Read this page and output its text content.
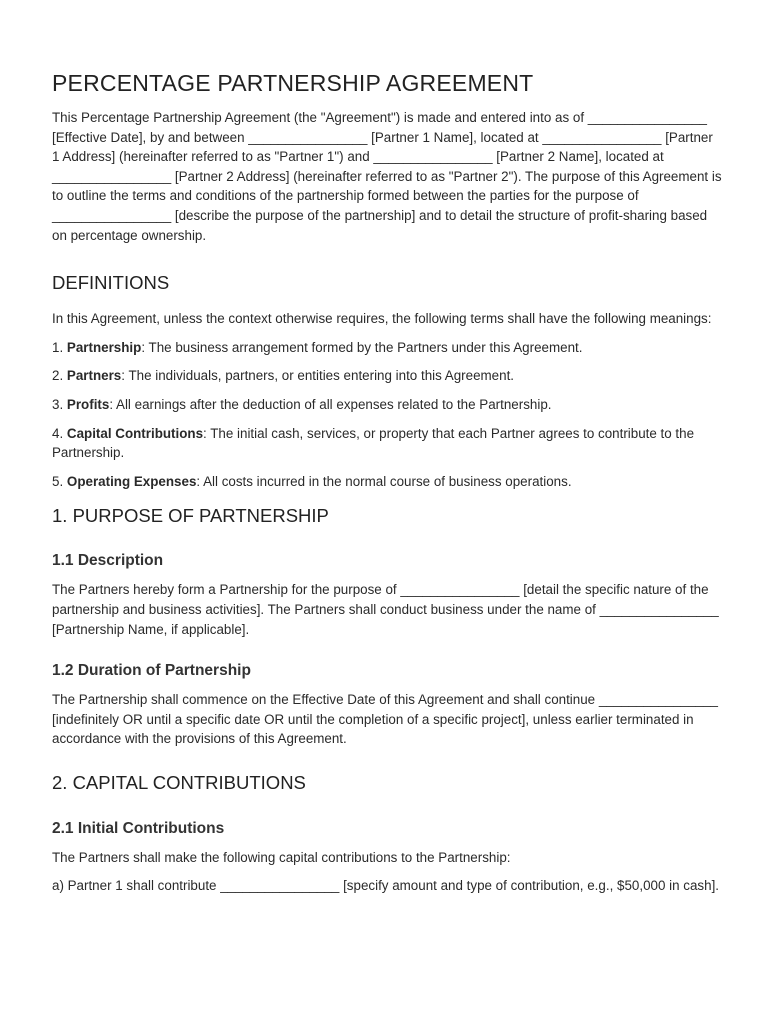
PERCENTAGE PARTNERSHIP AGREEMENT

This Percentage Partnership Agreement (the "Agreement") is made and entered into as of ________________ [Effective Date], by and between ________________ [Partner 1 Name], located at ________________ [Partner 1 Address] (hereinafter referred to as "Partner 1") and ________________ [Partner 2 Name], located at ________________ [Partner 2 Address] (hereinafter referred to as "Partner 2"). The purpose of this Agreement is to outline the terms and conditions of the partnership formed between the parties for the purpose of ________________ [describe the purpose of the partnership] and to detail the structure of profit-sharing based on percentage ownership.

DEFINITIONS

In this Agreement, unless the context otherwise requires, the following terms shall have the following meanings:

1. Partnership: The business arrangement formed by the Partners under this Agreement.

2. Partners: The individuals, partners, or entities entering into this Agreement.

3. Profits: All earnings after the deduction of all expenses related to the Partnership.

4. Capital Contributions: The initial cash, services, or property that each Partner agrees to contribute to the Partnership.

5. Operating Expenses: All costs incurred in the normal course of business operations.

1. PURPOSE OF PARTNERSHIP
1.1 Description

The Partners hereby form a Partnership for the purpose of ________________ [detail the specific nature of the partnership and business activities]. The Partners shall conduct business under the name of ________________ [Partnership Name, if applicable].

1.2 Duration of Partnership

The Partnership shall commence on the Effective Date of this Agreement and shall continue ________________ [indefinitely OR until a specific date OR until the completion of a specific project], unless earlier terminated in accordance with the provisions of this Agreement.

2. CAPITAL CONTRIBUTIONS
2.1 Initial Contributions

The Partners shall make the following capital contributions to the Partnership:

a) Partner 1 shall contribute ________________ [specify amount and type of contribution, e.g., $50,000 in cash].
